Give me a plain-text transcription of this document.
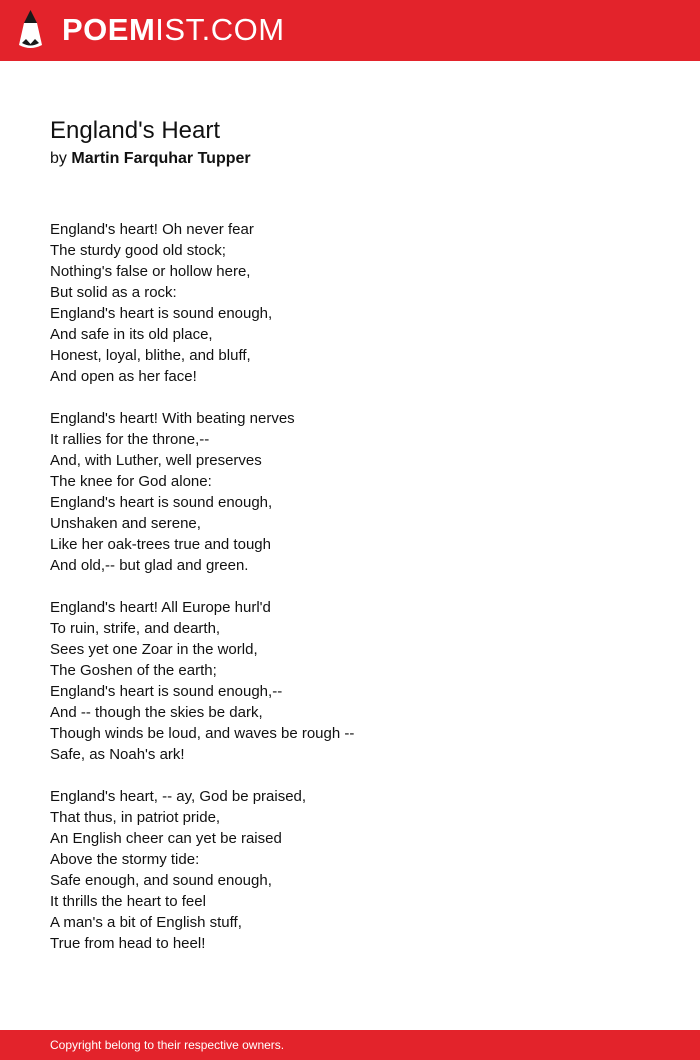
POEMIST.COM
England's Heart
by Martin Farquhar Tupper
England's heart! Oh never fear
The sturdy good old stock;
Nothing's false or hollow here,
But solid as a rock:
England's heart is sound enough,
And safe in its old place,
Honest, loyal, blithe, and bluff,
And open as her face!
England's heart! With beating nerves
It rallies for the throne,--
And, with Luther, well preserves
The knee for God alone:
England's heart is sound enough,
Unshaken and serene,
Like her oak-trees true and tough
And old,-- but glad and green.
England's heart! All Europe hurl'd
To ruin, strife, and dearth,
Sees yet one Zoar in the world,
The Goshen of the earth;
England's heart is sound enough,--
And -- though the skies be dark,
Though winds be loud, and waves be rough --
Safe, as Noah's ark!
England's heart, -- ay, God be praised,
That thus, in patriot pride,
An English cheer can yet be raised
Above the stormy tide:
Safe enough, and sound enough,
It thrills the heart to feel
A man's a bit of English stuff,
True from head to heel!
Copyright belong to their respective owners.
